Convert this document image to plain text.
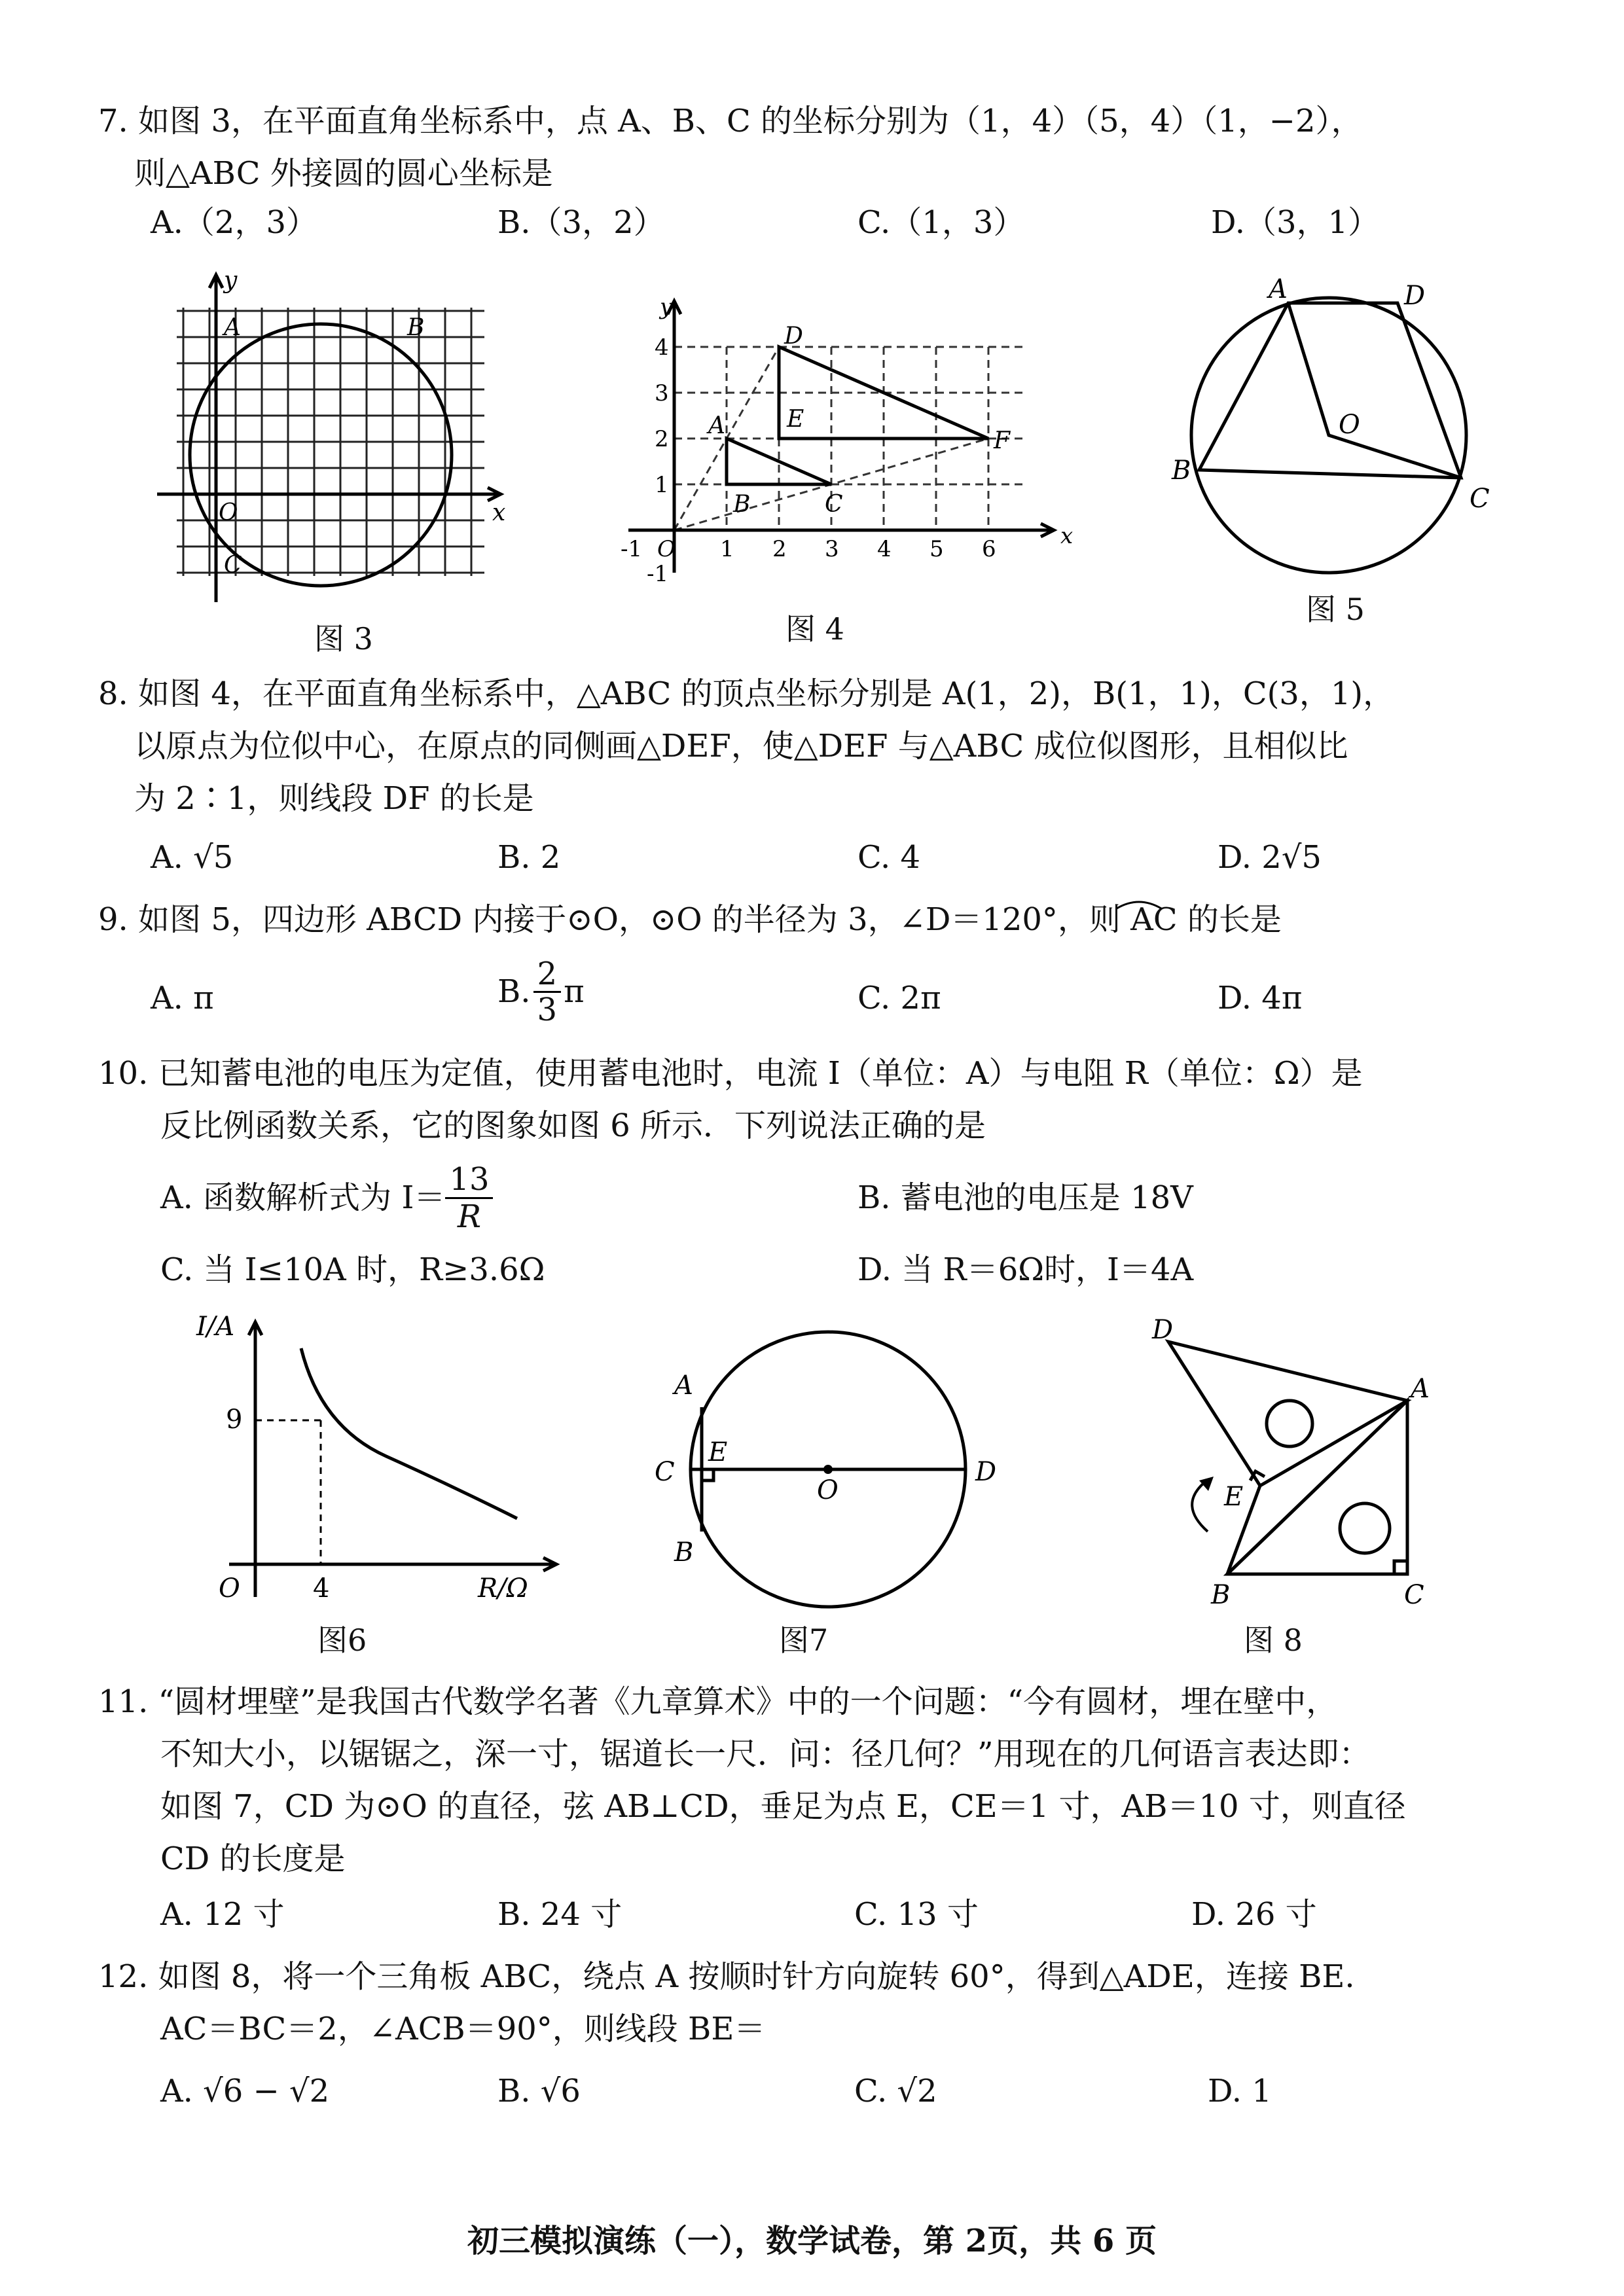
7. 如图 3，在平面直角坐标系中，点 A、B、C 的坐标分别为（1，4）（5，4）（1，−2），
则△ABC 外接圆的圆心坐标是
A.（2，3）	B.（3，2）	C.（1，3）	D.（3，1）
y
x
O
A	B
C
图 3
y
x
O
-1	1 2 3 4 5 6
1
2
3
4
-1
A
B	C
D
E
F
图 4
A	D
B
C
O
图 5
8. 如图 4，在平面直角坐标系中，△ABC 的顶点坐标分别是 A(1，2)，B(1，1)，C(3，1)，
以原点为位似中心，在原点的同侧画△DEF，使△DEF 与△ABC 成位似图形，且相似比
为 2∶1，则线段 DF 的长是
A. √5	B. 2	C. 4	D. 2√5
9. 如图 5，四边形 ABCD 内接于⊙O，⊙O 的半径为 3，∠D＝120°，则 AC 的长是
A. π	B. $\frac{2}{3}$ π	C. 2π	D. 4π
10. 已知蓄电池的电压为定值，使用蓄电池时，电流 I（单位：A）与电阻 R（单位：Ω）是
反比例函数关系，它的图象如图 6 所示．下列说法正确的是
A. 函数解析式为 $I= \frac{13}{R}$	B. 蓄电池的电压是 18V
C. 当 I≤10A 时，R≥3.6Ω	D. 当 R＝6Ω时，I＝4A
I/A
R/Ω
O
9
4
图6
A
B
C	D
E
O
图7
D
A
E
B	C
图 8
11. “圆材埋壁”是我国古代数学名著《九章算术》中的一个问题：“今有圆材，埋在壁中，
不知大小，以锯锯之，深一寸，锯道长一尺．问：径几何？”用现在的几何语言表达即：
如图 7，CD 为⊙O 的直径，弦 AB⊥CD，垂足为点 E，CE＝1 寸，AB＝10 寸，则直径
CD 的长度是
A. 12 寸	B. 24 寸	C. 13 寸	D. 26 寸
12. 如图 8，将一个三角板 ABC，绕点 A 按顺时针方向旋转 60°，得到△ADE，连接 BE.
AC＝BC＝2，∠ACB＝90°，则线段 BE＝
A. √6 − √2	B. √6	C. √2	D. 1
初三模拟演练（一），数学试卷，第 2页，共 6 页
